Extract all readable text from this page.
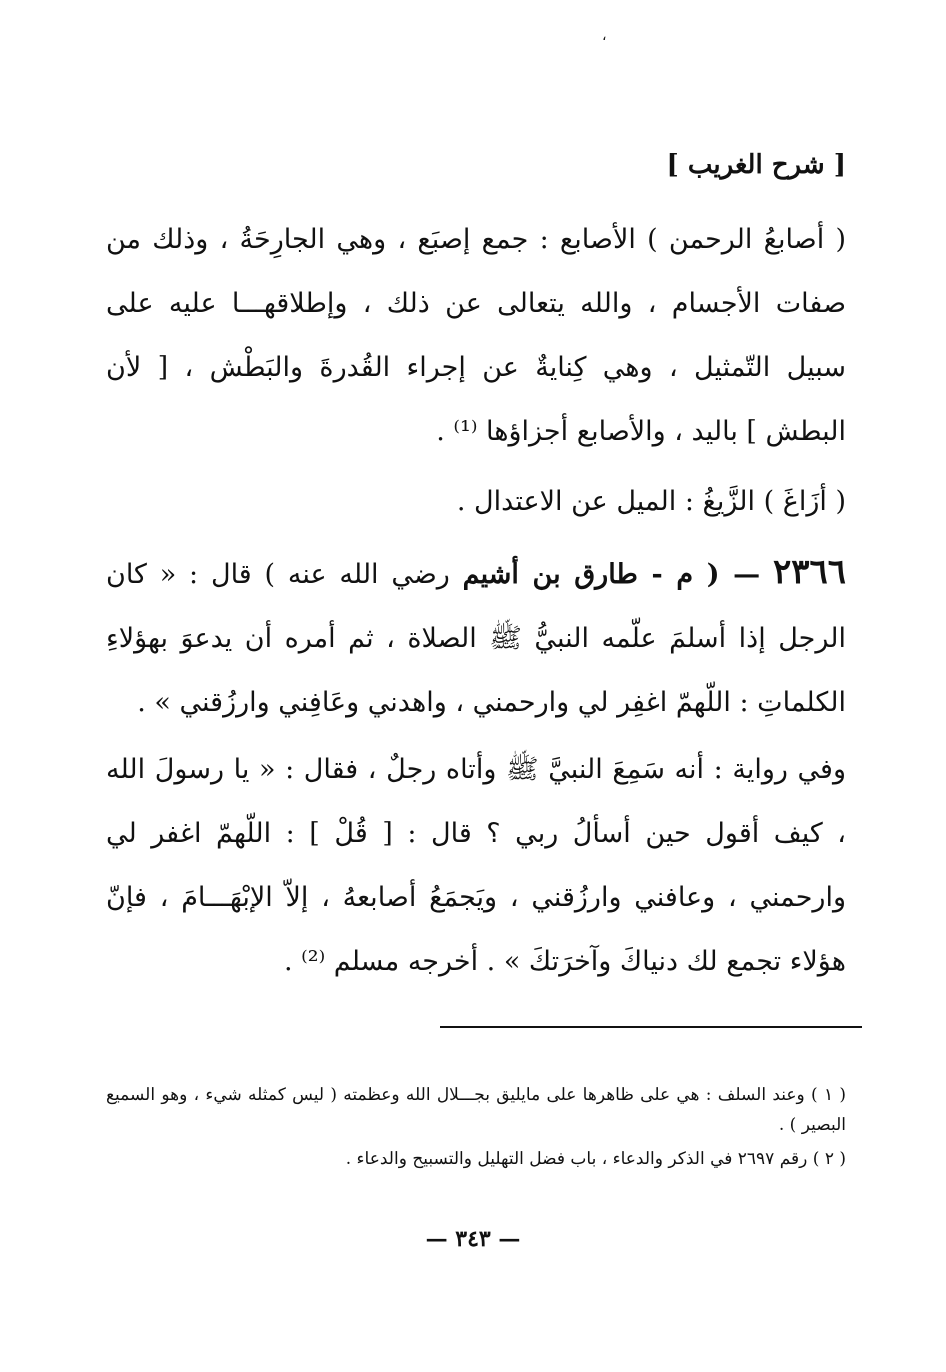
،
[ شرح الغريب ]

( أصابعُ الرحمن ) الأصابع : جمع إصبَع ، وهي الجارِحَةُ ، وذلك من صفات الأجسام ، والله يتعالى عن ذلك ، وإطلاقهـــا عليه على سبيل التّمثيل ، وهي كِنايةٌ عن إجراء القُدرةَ والبَطْش ، [ لأن البطش ] باليد ، والأصابع أجزاؤها ⁽¹⁾ .

( أزَاغَ ) الزَّيغُ : الميل عن الاعتدال .

٢٣٦٦ — ( م - طارق بن أشيم رضي الله عنه ) قال : « كان الرجل إذا أسلمَ علّمه النبيُّ ﷺ الصلاة ، ثم أمره أن يدعوَ بهؤلاءِ الكلماتِ : اللّهمّ اغفِر لي وارحمني ، واهدني وعَافِني وارزُقني » .

وفي رواية : أنه سَمِعَ النبيَّ ﷺ وأتاه رجلٌ ، فقال : « يا رسولَ الله ، كيف أقول حين أسألُ ربي ؟ قال : [ قُلْ ] : اللّهمّ اغفر لي وارحمني ، وعافني وارزُقني ، ويَجمَعُ أصابعهُ ، إلاّ الإبْهَـــامَ ، فإنّ هؤلاء تجمع لك دنياكَ وآخرَتكَ » . أخرجه مسلم ⁽²⁾ .

( ١ ) وعند السلف : هي على ظاهرها على مايليق بجـــلال الله وعظمته ( ليس كمثله شيء ، وهو السميع البصير ) .

( ٢ ) رقم ٢٦٩٧ في الذكر والدعاء ، باب فضل التهليل والتسبيح والدعاء .

— ٣٤٣ —
